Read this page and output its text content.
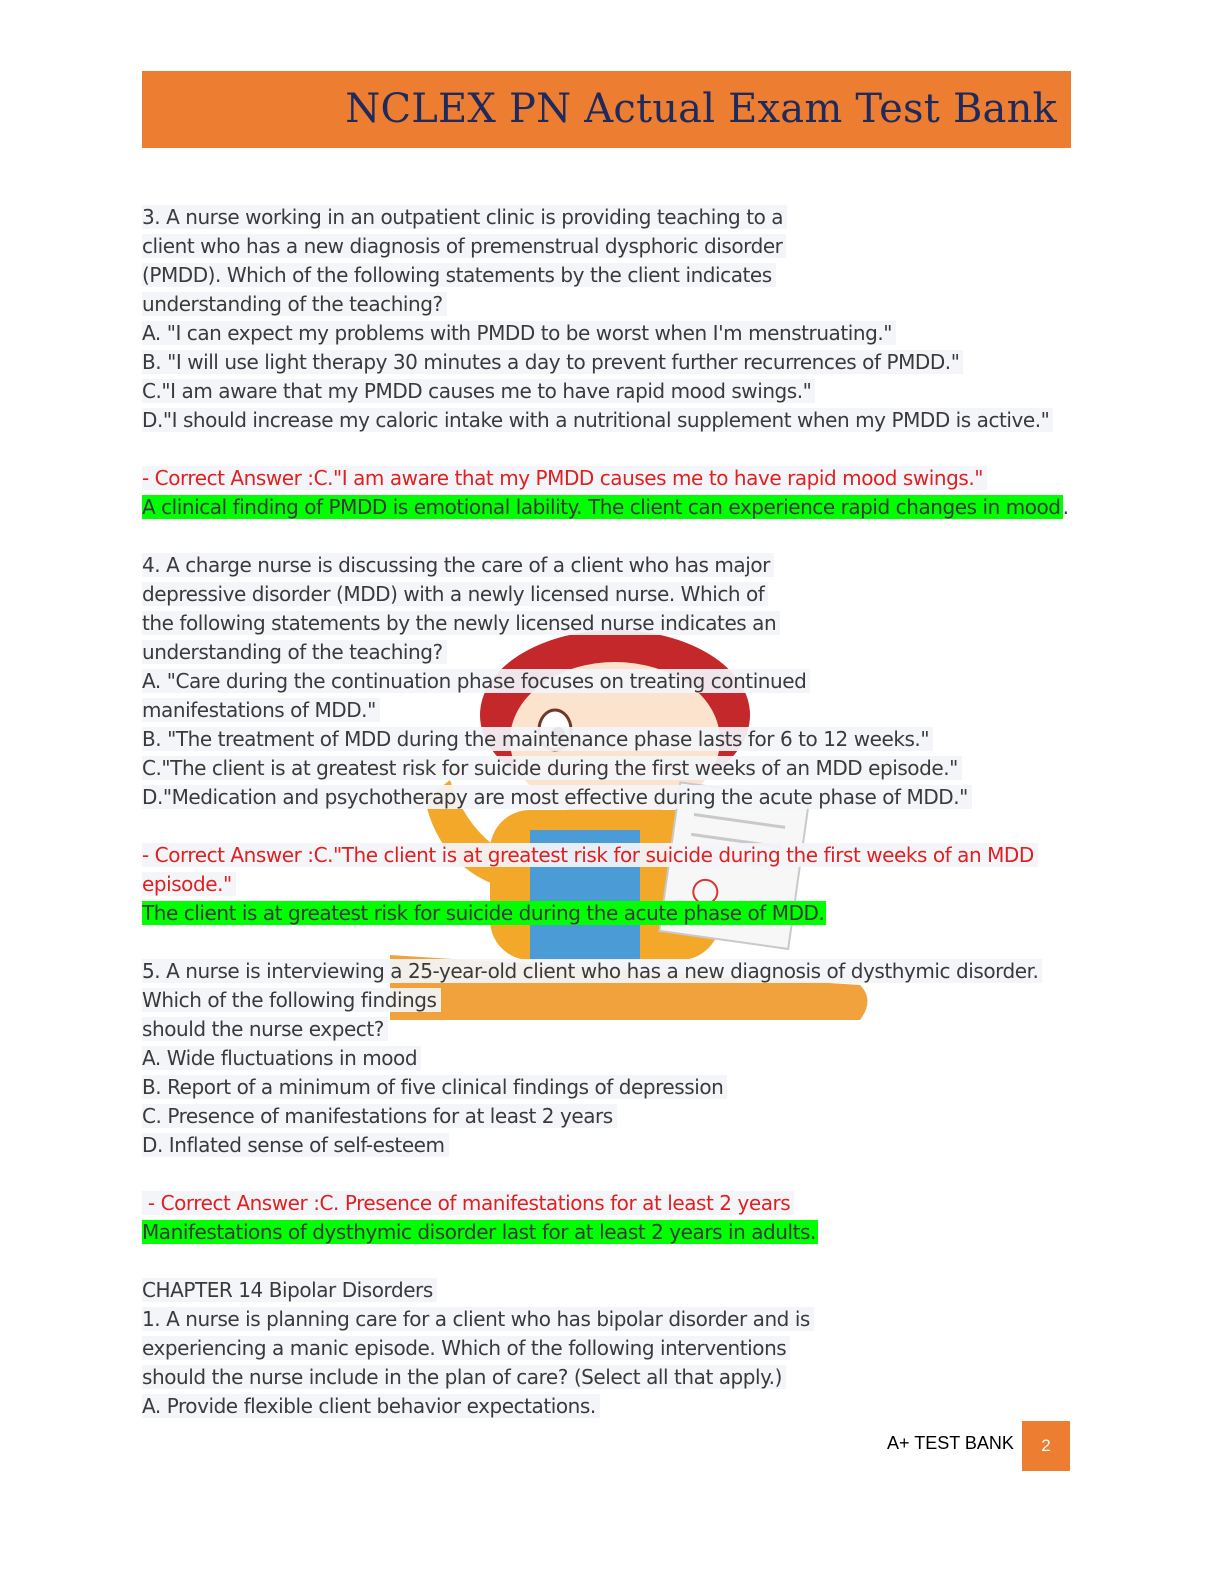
NCLEX PN Actual Exam Test Bank
3. A nurse working in an outpatient clinic is providing teaching to a
client who has a new diagnosis of premenstrual dysphoric disorder
(PMDD). Which of the following statements by the client indicates
understanding of the teaching?
A. "I can expect my problems with PMDD to be worst when I'm menstruating."
B. "I will use light therapy 30 minutes a day to prevent further recurrences of PMDD."
C."I am aware that my PMDD causes me to have rapid mood swings."
D."I should increase my caloric intake with a nutritional supplement when my PMDD is active."
- Correct Answer :C."I am aware that my PMDD causes me to have rapid mood swings."
A clinical finding of PMDD is emotional lability. The client can experience rapid changes in mood .
4. A charge nurse is discussing the care of a client who has major
depressive disorder (MDD) with a newly licensed nurse. Which of
the following statements by the newly licensed nurse indicates an
understanding of the teaching?
A. "Care during the continuation phase focuses on treating continued
manifestations of MDD."
B. "The treatment of MDD during the maintenance phase lasts for 6 to 12 weeks."
C."The client is at greatest risk for suicide during the first weeks of an MDD episode."
D."Medication and psychotherapy are most effective during the acute phase of MDD."
- Correct Answer :C."The client is at greatest risk for suicide during the first weeks of an MDD
episode."
The client is at greatest risk for suicide during the acute phase of MDD.
5. A nurse is interviewing a 25-year-old client who has a new diagnosis of dysthymic disorder.
Which of the following findings
should the nurse expect?
A. Wide fluctuations in mood
B. Report of a minimum of five clinical findings of depression
C. Presence of manifestations for at least 2 years
D. Inflated sense of self-esteem
- Correct Answer :C. Presence of manifestations for at least 2 years
Manifestations of dysthymic disorder last for at least 2 years in adults.
CHAPTER 14 Bipolar Disorders
1. A nurse is planning care for a client who has bipolar disorder and is
experiencing a manic episode. Which of the following interventions
should the nurse include in the plan of care? (Select all that apply.)
A. Provide flexible client behavior expectations.

A+ TEST BANK	2
